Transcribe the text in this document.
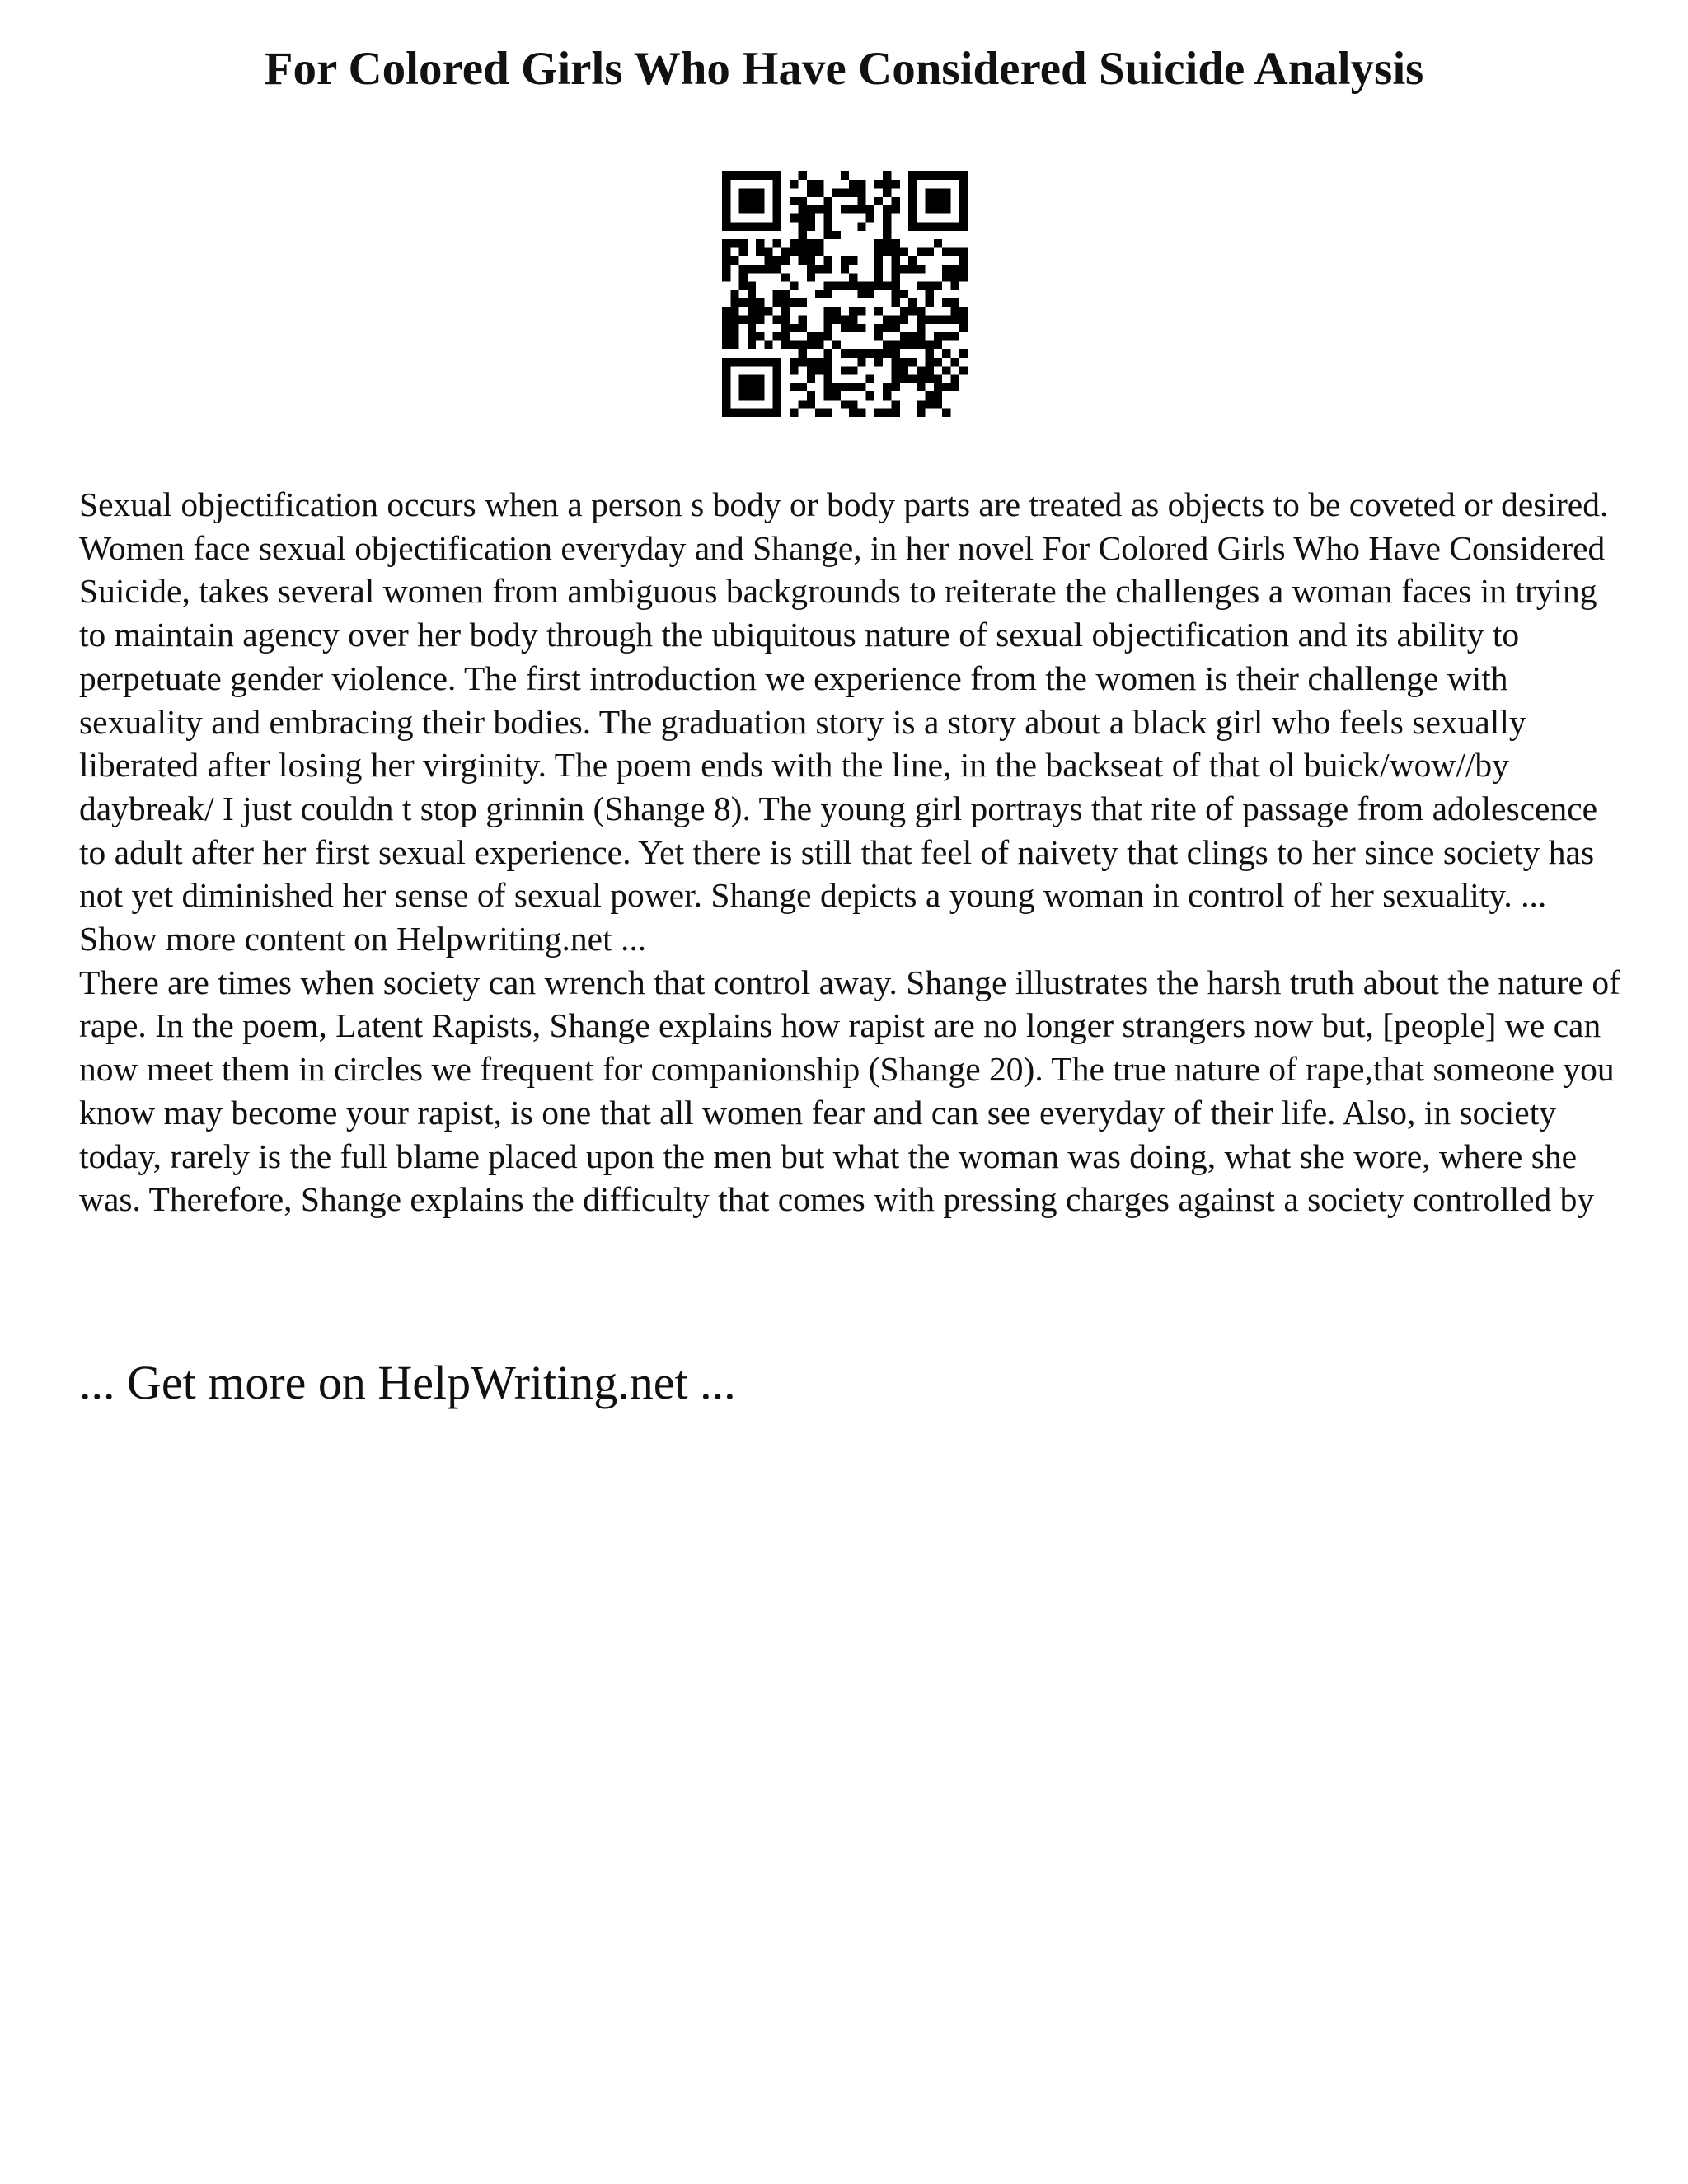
For Colored Girls Who Have Considered Suicide Analysis

Sexual objectification occurs when a person s body or body parts are treated as objects to be coveted or desired. Women face sexual objectification everyday and Shange, in her novel For Colored Girls Who Have Considered Suicide, takes several women from ambiguous backgrounds to reiterate the challenges a woman faces in trying to maintain agency over her body through the ubiquitous nature of sexual objectification and its ability to perpetuate gender violence. The first introduction we experience from the women is their challenge with sexuality and embracing their bodies. The graduation story is a story about a black girl who feels sexually liberated after losing her virginity. The poem ends with the line, in the backseat of that ol buick/wow//by daybreak/ I just couldn t stop grinnin (Shange 8). The young girl portrays that rite of passage from adolescence to adult after her first sexual experience. Yet there is still that feel of naivety that clings to her since society has not yet diminished her sense of sexual power. Shange depicts a young woman in control of her sexuality. ... Show more content on Helpwriting.net ...

There are times when society can wrench that control away. Shange illustrates the harsh truth about the nature of rape. In the poem, Latent Rapists, Shange explains how rapist are no longer strangers now but, [people] we can now meet them in circles we frequent for companionship (Shange 20). The true nature of rape,that someone you know may become your rapist, is one that all women fear and can see everyday of their life. Also, in society today, rarely is the full blame placed upon the men but what the woman was doing, what she wore, where she was. Therefore, Shange explains the difficulty that comes with pressing charges against a society controlled by

... Get more on HelpWriting.net ...
